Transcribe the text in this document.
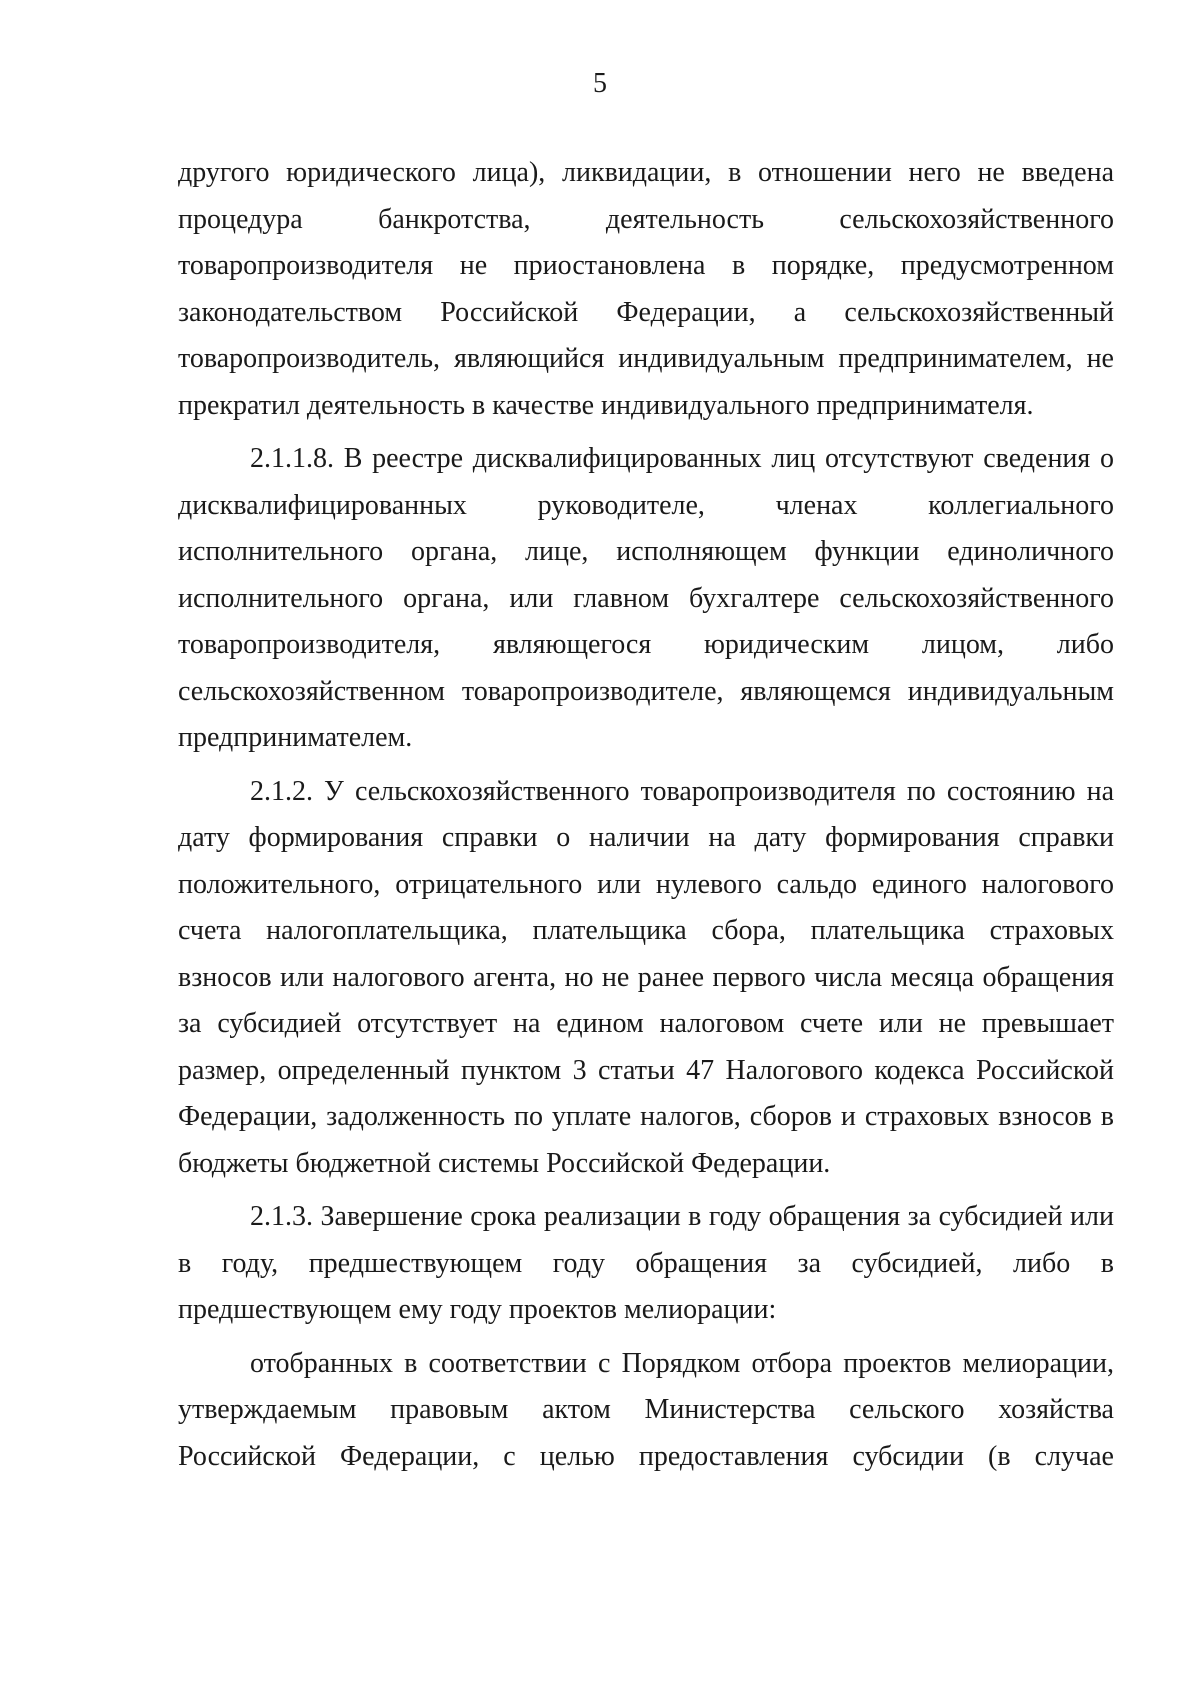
5
другого юридического лица), ликвидации, в отношении него не введена
процедура банкротства, деятельность сельскохозяйственного
товаропроизводителя не приостановлена в порядке, предусмотренном
законодательством Российской Федерации, а сельскохозяйственный
товаропроизводитель, являющийся индивидуальным предпринимателем, не
прекратил деятельность в качестве индивидуального предпринимателя.
2.1.1.8. В реестре дисквалифицированных лиц отсутствуют сведения о
дисквалифицированных руководителе, членах коллегиального
исполнительного органа, лице, исполняющем функции единоличного
исполнительного органа, или главном бухгалтере сельскохозяйственного
товаропроизводителя, являющегося юридическим лицом, либо
сельскохозяйственном товаропроизводителе, являющемся индивидуальным
предпринимателем.
2.1.2. У сельскохозяйственного товаропроизводителя по состоянию на
дату формирования справки о наличии на дату формирования справки
положительного, отрицательного или нулевого сальдо единого налогового
счета налогоплательщика, плательщика сбора, плательщика страховых
взносов или налогового агента, но не ранее первого числа месяца обращения
за субсидией отсутствует на едином налоговом счете или не превышает
размер, определенный пунктом 3 статьи 47 Налогового кодекса Российской
Федерации, задолженность по уплате налогов, сборов и страховых взносов в
бюджеты бюджетной системы Российской Федерации.
2.1.3. Завершение срока реализации в году обращения за субсидией или
в году, предшествующем году обращения за субсидией, либо в
предшествующем ему году проектов мелиорации:
отобранных в соответствии с Порядком отбора проектов мелиорации,
утверждаемым правовым актом Министерства сельского хозяйства
Российской Федерации, с целью предоставления субсидии (в случае
